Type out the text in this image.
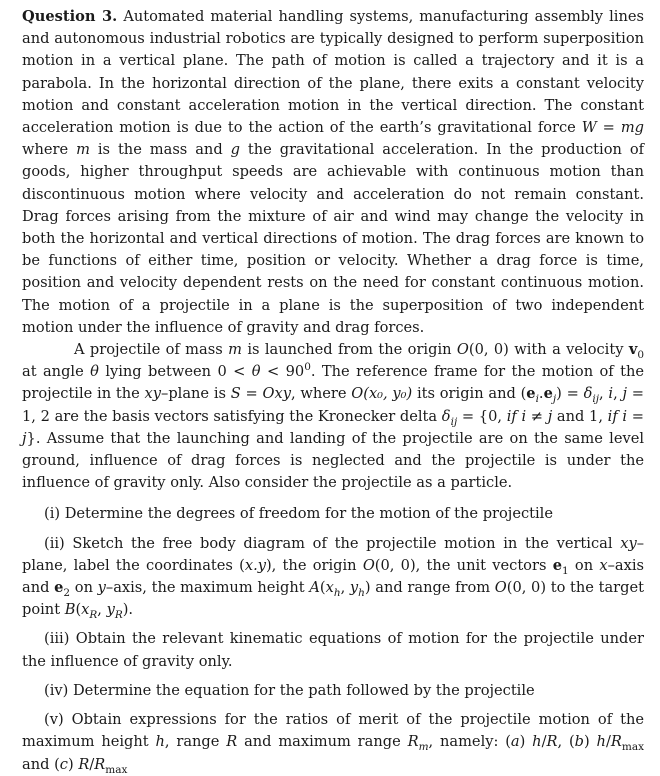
Question 3. Automated material handling systems, manufacturing assembly lines and autonomous industrial robotics are typically designed to perform superposition motion in a vertical plane. The path of motion is called a trajectory and it is a parabola. In the horizontal direction of the plane, there exits a constant velocity motion and constant acceleration motion in the vertical direction. The constant acceleration motion is due to the action of the earth’s gravitational force W = mg where m is the mass and g the gravitational acceleration. In the production of goods, higher throughput speeds are achievable with continuous motion than discontinuous motion where velocity and acceleration do not remain constant. Drag forces arising from the mixture of air and wind may change the velocity in both the horizontal and vertical directions of motion. The drag forces are known to be functions of either time, position or velocity. Whether a drag force is time, position and velocity dependent rests on the need for constant continuous motion. The motion of a projectile in a plane is the superposition of two independent motion under the influence of gravity and drag forces.

A projectile of mass m is launched from the origin O(0, 0) with a velocity $v_0$ at angle θ lying between $0 < \theta < 90^0$. The reference frame for the motion of the projectile in the xy–plane is S = Oxy, where O(x₀, y₀) its origin and $(e_i.e_j) = \delta_{ij}$, i, j = 1, 2 are the basis vectors satisfying the Kronecker delta $\delta_{ij} = \{0$, if i ≠ j and 1, if i = j}. Assume that the launching and landing of the projectile are on the same level ground, influence of drag forces is neglected and the projectile is under the influence of gravity only. Also consider the projectile as a particle.

(i) Determine the degrees of freedom for the motion of the projectile

(ii) Sketch the free body diagram of the projectile motion in the vertical xy–plane, label the coordinates (x.y), the origin O(0, 0), the unit vectors $e_1$ on x–axis and $e_2$ on y–axis, the maximum height $A(x_h$, $y_h$) and range from O(0, 0) to the target point $B(x_R$, $y_R$).

(iii) Obtain the relevant kinematic equations of motion for the projectile under the influence of gravity only.

(iv) Determine the equation for the path followed by the projectile

(v) Obtain expressions for the ratios of merit of the projectile motion of the maximum height h, range R and maximum range $R_m$, namely: (a) h/R, (b) $h/R_{max}$ and (c) $R/R_{max}$
